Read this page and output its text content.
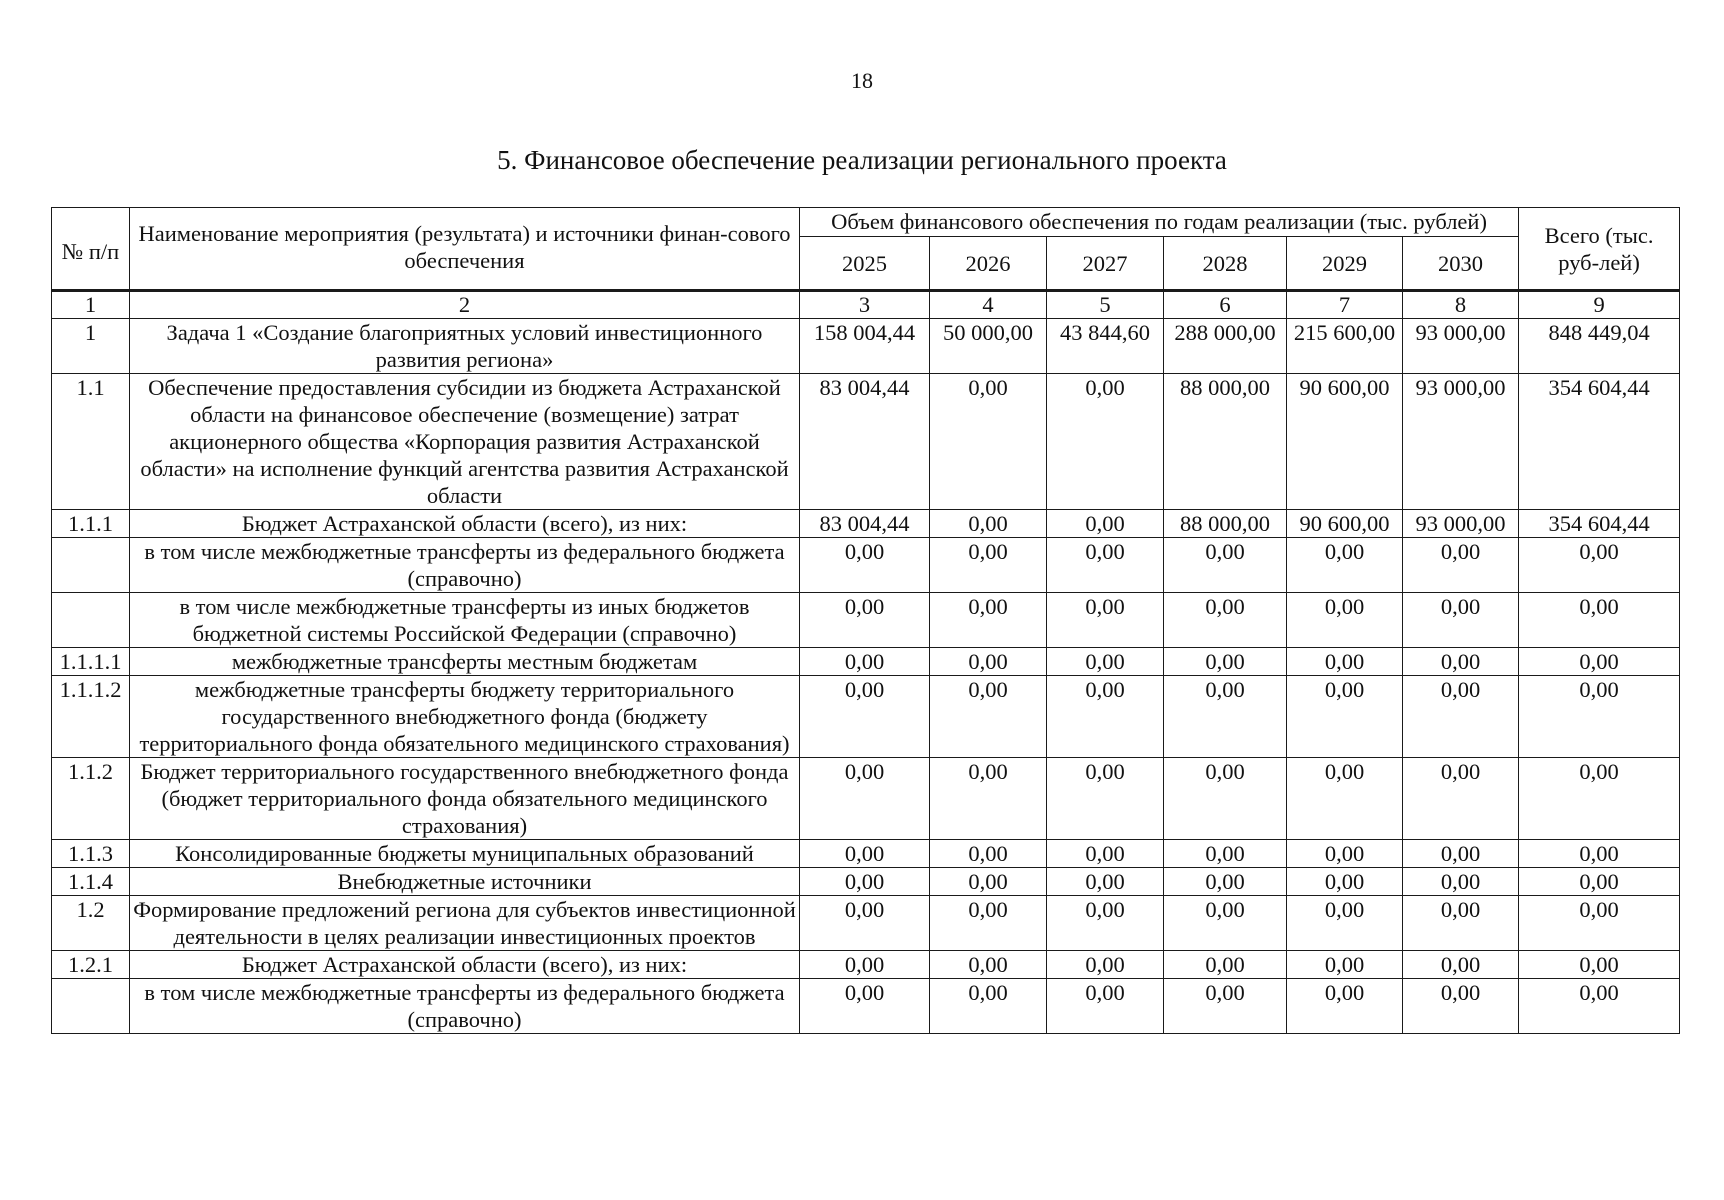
18
5. Финансовое обеспечение реализации регионального проекта
№ п/п	Наименование мероприятия (результата) и источники финан-сового обеспечения	Объем финансового обеспечения по годам реализации (тыс. рублей)						Всего (тыс. руб-лей)
		2025	2026	2027	2028	2029	2030	
1	2	3	4	5	6	7	8	9
1	Задача 1 «Создание благоприятных условий инвестиционного развития региона»	158 004,44	50 000,00	43 844,60	288 000,00	215 600,00	93 000,00	848 449,04
1.1	Обеспечение предоставления субсидии из бюджета Астраханской области на финансовое обеспечение (возмещение) затрат акционерного общества «Корпорация развития Астраханской области» на исполнение функций агентства развития Астраханской области	83 004,44	0,00	0,00	88 000,00	90 600,00	93 000,00	354 604,44
1.1.1	Бюджет Астраханской области (всего), из них:	83 004,44	0,00	0,00	88 000,00	90 600,00	93 000,00	354 604,44
	в том числе межбюджетные трансферты из федерального бюджета (справочно)	0,00	0,00	0,00	0,00	0,00	0,00	0,00
	в том числе межбюджетные трансферты из иных бюджетов бюджетной системы Российской Федерации (справочно)	0,00	0,00	0,00	0,00	0,00	0,00	0,00
1.1.1.1	межбюджетные трансферты местным бюджетам	0,00	0,00	0,00	0,00	0,00	0,00	0,00
1.1.1.2	межбюджетные трансферты бюджету территориального государственного внебюджетного фонда (бюджету территориального фонда обязательного медицинского страхования)	0,00	0,00	0,00	0,00	0,00	0,00	0,00
1.1.2	Бюджет территориального государственного внебюджетного фонда (бюджет территориального фонда обязательного медицинского страхования)	0,00	0,00	0,00	0,00	0,00	0,00	0,00
1.1.3	Консолидированные бюджеты муниципальных образований	0,00	0,00	0,00	0,00	0,00	0,00	0,00
1.1.4	Внебюджетные источники	0,00	0,00	0,00	0,00	0,00	0,00	0,00
1.2	Формирование предложений региона для субъектов инвестиционной деятельности в целях реализации инвестиционных проектов	0,00	0,00	0,00	0,00	0,00	0,00	0,00
1.2.1	Бюджет Астраханской области (всего), из них:	0,00	0,00	0,00	0,00	0,00	0,00	0,00
	в том числе межбюджетные трансферты из федерального бюджета (справочно)	0,00	0,00	0,00	0,00	0,00	0,00	0,00
